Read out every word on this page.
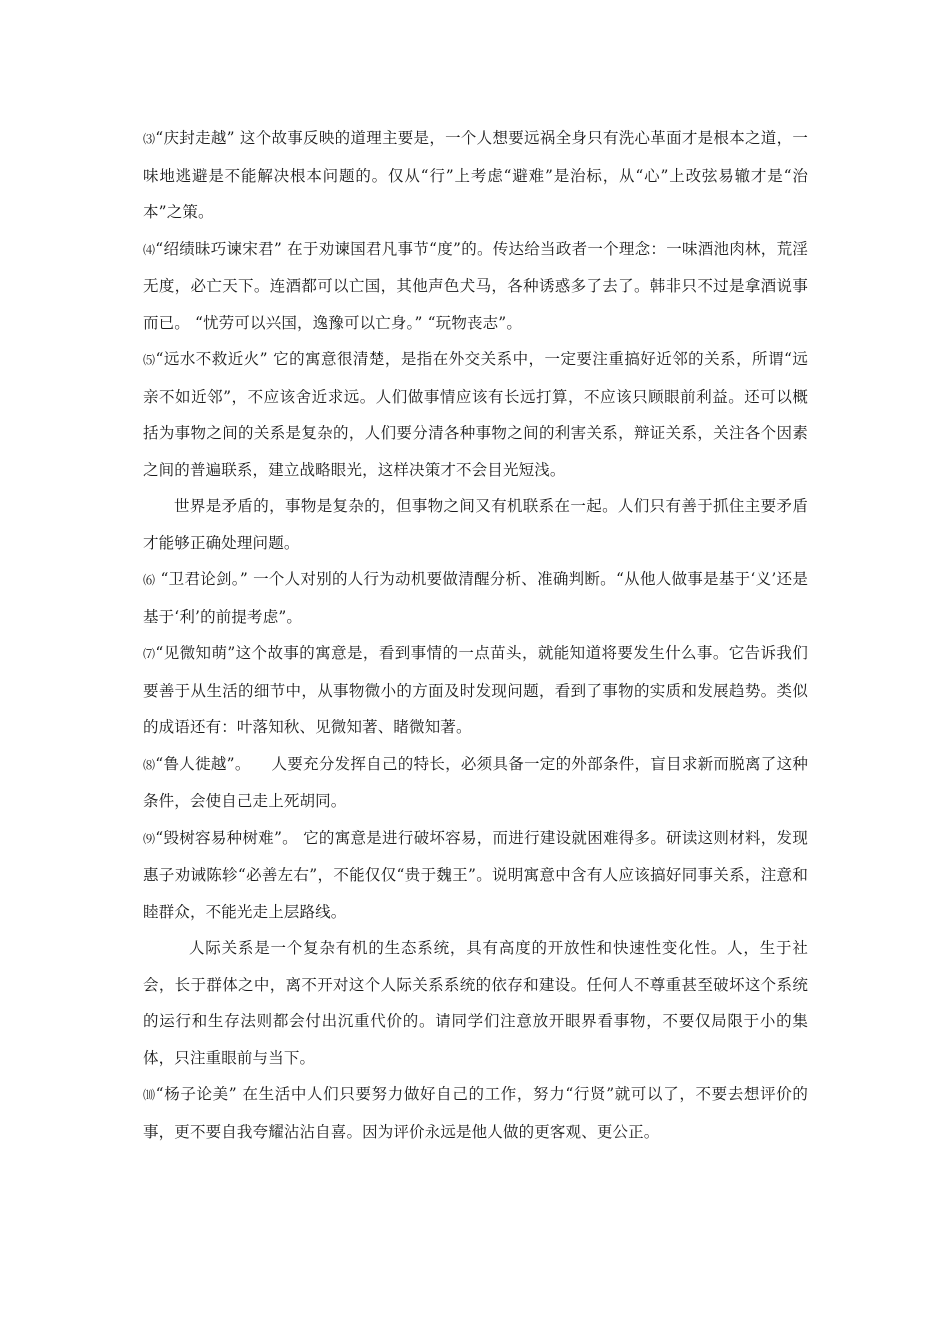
⑶“庆封走越” 这个故事反映的道理主要是，一个人想要远祸全身只有洗心革面才是根本之道，一味地逃避是不能解决根本问题的。仅从“行”上考虑“避难”是治标，从“心”上改弦易辙才是“治本”之策。

⑷“绍绩昧巧谏宋君” 在于劝谏国君凡事节“度”的。传达给当政者一个理念：一味酒池肉林，荒淫无度，必亡天下。连酒都可以亡国，其他声色犬马，各种诱惑多了去了。韩非只不过是拿酒说事而已。 “忧劳可以兴国，逸豫可以亡身。” “玩物丧志”。

⑸“远水不救近火” 它的寓意很清楚，是指在外交关系中，一定要注重搞好近邻的关系，所谓“远亲不如近邻”，不应该舍近求远。人们做事情应该有长远打算，不应该只顾眼前利益。还可以概括为事物之间的关系是复杂的，人们要分清各种事物之间的利害关系，辩证关系，关注各个因素之间的普遍联系，建立战略眼光，这样决策才不会目光短浅。

世界是矛盾的，事物是复杂的，但事物之间又有机联系在一起。人们只有善于抓住主要矛盾才能够正确处理问题。

⑹ “卫君论剑。” 一个人对别的人行为动机要做清醒分析、准确判断。“从他人做事是基于‘义’还是基于‘利’的前提考虑”。

⑺“见微知萌”这个故事的寓意是，看到事情的一点苗头，就能知道将要发生什么事。它告诉我们要善于从生活的细节中，从事物微小的方面及时发现问题，看到了事物的实质和发展趋势。类似的成语还有：叶落知秋、见微知著、睹微知著。

⑻“鲁人徙越”。    人要充分发挥自己的特长，必须具备一定的外部条件，盲目求新而脱离了这种条件，会使自己走上死胡同。

⑼“毁树容易种树难”。 它的寓意是进行破坏容易，而进行建设就困难得多。研读这则材料，发现惠子劝诫陈轸“必善左右”，不能仅仅“贵于魏王”。说明寓意中含有人应该搞好同事关系，注意和睦群众，不能光走上层路线。

人际关系是一个复杂有机的生态系统，具有高度的开放性和快速性变化性。人，生于社会，长于群体之中，离不开对这个人际关系系统的依存和建设。任何人不尊重甚至破坏这个系统的运行和生存法则都会付出沉重代价的。请同学们注意放开眼界看事物，不要仅局限于小的集体，只注重眼前与当下。

⑽“杨子论美” 在生活中人们只要努力做好自己的工作，努力“行贤”就可以了，不要去想评价的事，更不要自我夸耀沾沾自喜。因为评价永远是他人做的更客观、更公正。
